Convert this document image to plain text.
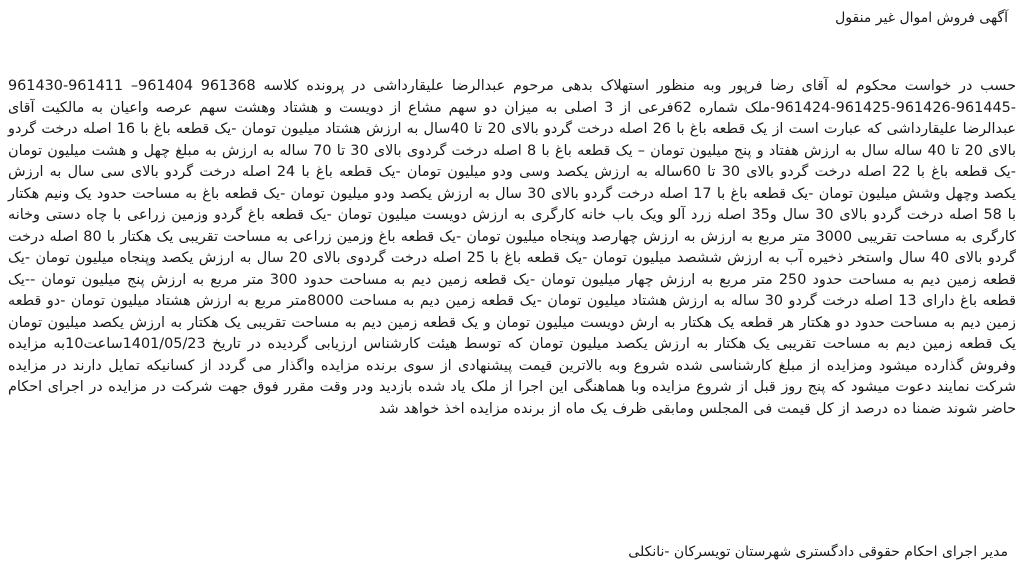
آگهی فروش اموال غیر منقول
حسب در خواست محکوم له آقای رضا فرپور وبه منظور استهلاک بدهی مرحوم عبدالرضا علیقارداشی در پرونده کلاسه 961368 961404– 961411-961430 -961445-961426-961425-961424-ملک شماره 62فرعی از 3 اصلی به میزان دو سهم مشاع از دویست و هشتاد وهشت سهم عرصه واعیان به مالکیت آقای عبدالرضا علیقارداشی که عبارت است از یک قطعه باغ با 26 اصله درخت گردو بالای 20 تا 40سال به ارزش هشتاد میلیون تومان -یک قطعه باغ با 16 اصله درخت گردو بالای 20 تا 40 ساله سال به ارزش هفتاد و پنج میلیون تومان – یک قطعه باغ با 8 اصله درخت گردوی بالای 30 تا 70 ساله به ارزش به مبلغ چهل و هشت میلیون تومان -یک قطعه باغ با 22 اصله درخت گردو بالای 30 تا 60ساله به ارزش یکصد وسی ودو میلیون تومان -یک قطعه باغ با 24 اصله درخت گردو بالای سی سال به ارزش یکصد وچهل وشش میلیون تومان -یک قطعه باغ با 17 اصله درخت گردو بالای 30 سال به ارزش یکصد ودو میلیون تومان -یک قطعه باغ به مساحت حدود یک ونیم هکتار با 58 اصله درخت گردو بالای 30 سال و35 اصله زرد آلو ویک باب خانه کارگری به ارزش دویست میلیون تومان -یک قطعه باغ گردو وزمین زراعی با چاه دستی وخانه کارگری به مساحت تقریبی 3000 متر مربع به ارزش به ارزش چهارصد وپنجاه میلیون تومان -یک قطعه باغ وزمین زراعی به مساحت تقریبی یک هکتار با 80 اصله درخت گردو بالای 40 سال واستخر ذخیره آب به ارزش ششصد میلیون تومان -یک قطعه باغ با 25 اصله درخت گردوی بالای 20 سال به ارزش یکصد وپنجاه میلیون تومان -یک قطعه زمین دیم به مساحت حدود 250 متر مربع به ارزش چهار میلیون تومان -یک قطعه زمین دیم به مساحت حدود 300 متر مربع به ارزش پنج میلیون تومان --یک قطعه باغ دارای 13 اصله درخت گردو 30 ساله به ارزش هشتاد میلیون تومان -یک قطعه زمین دیم به مساحت 8000متر مربع به ارزش هشتاد میلیون تومان -دو قطعه زمین دیم به مساحت حدود دو هکتار هر قطعه یک هکتار به ارش دویست میلیون تومان و یک قطعه زمین دیم به مساحت تقریبی یک هکتار به ارزش یکصد میلیون تومان یک قطعه زمین دیم به مساحت تقریبی یک هکتار به ارزش یکصد میلیون تومان که توسط هیئت کارشناس ارزیابی گردیده در تاریخ 1401/05/23ساعت10به مزایده وفروش گذارده میشود ومزایده از مبلغ کارشناسی شده شروع وبه بالاترین قیمت پیشنهادی از سوی برنده مزایده واگذار می گردد از کسانیکه تمایل دارند در مزایده شرکت نمایند دعوت میشود که پنج روز قبل از شروع مزایده وبا هماهنگی این اجرا از ملک یاد شده بازدید ودر وقت مقرر فوق جهت شرکت در مزایده در اجرای احکام حاضر شوند ضمنا ده درصد از کل قیمت فی المجلس ومابقی ظرف یک ماه از برنده مزایده اخذ خواهد شد
مدیر اجرای احکام حقوقی دادگستری شهرستان تویسرکان -نانکلی
